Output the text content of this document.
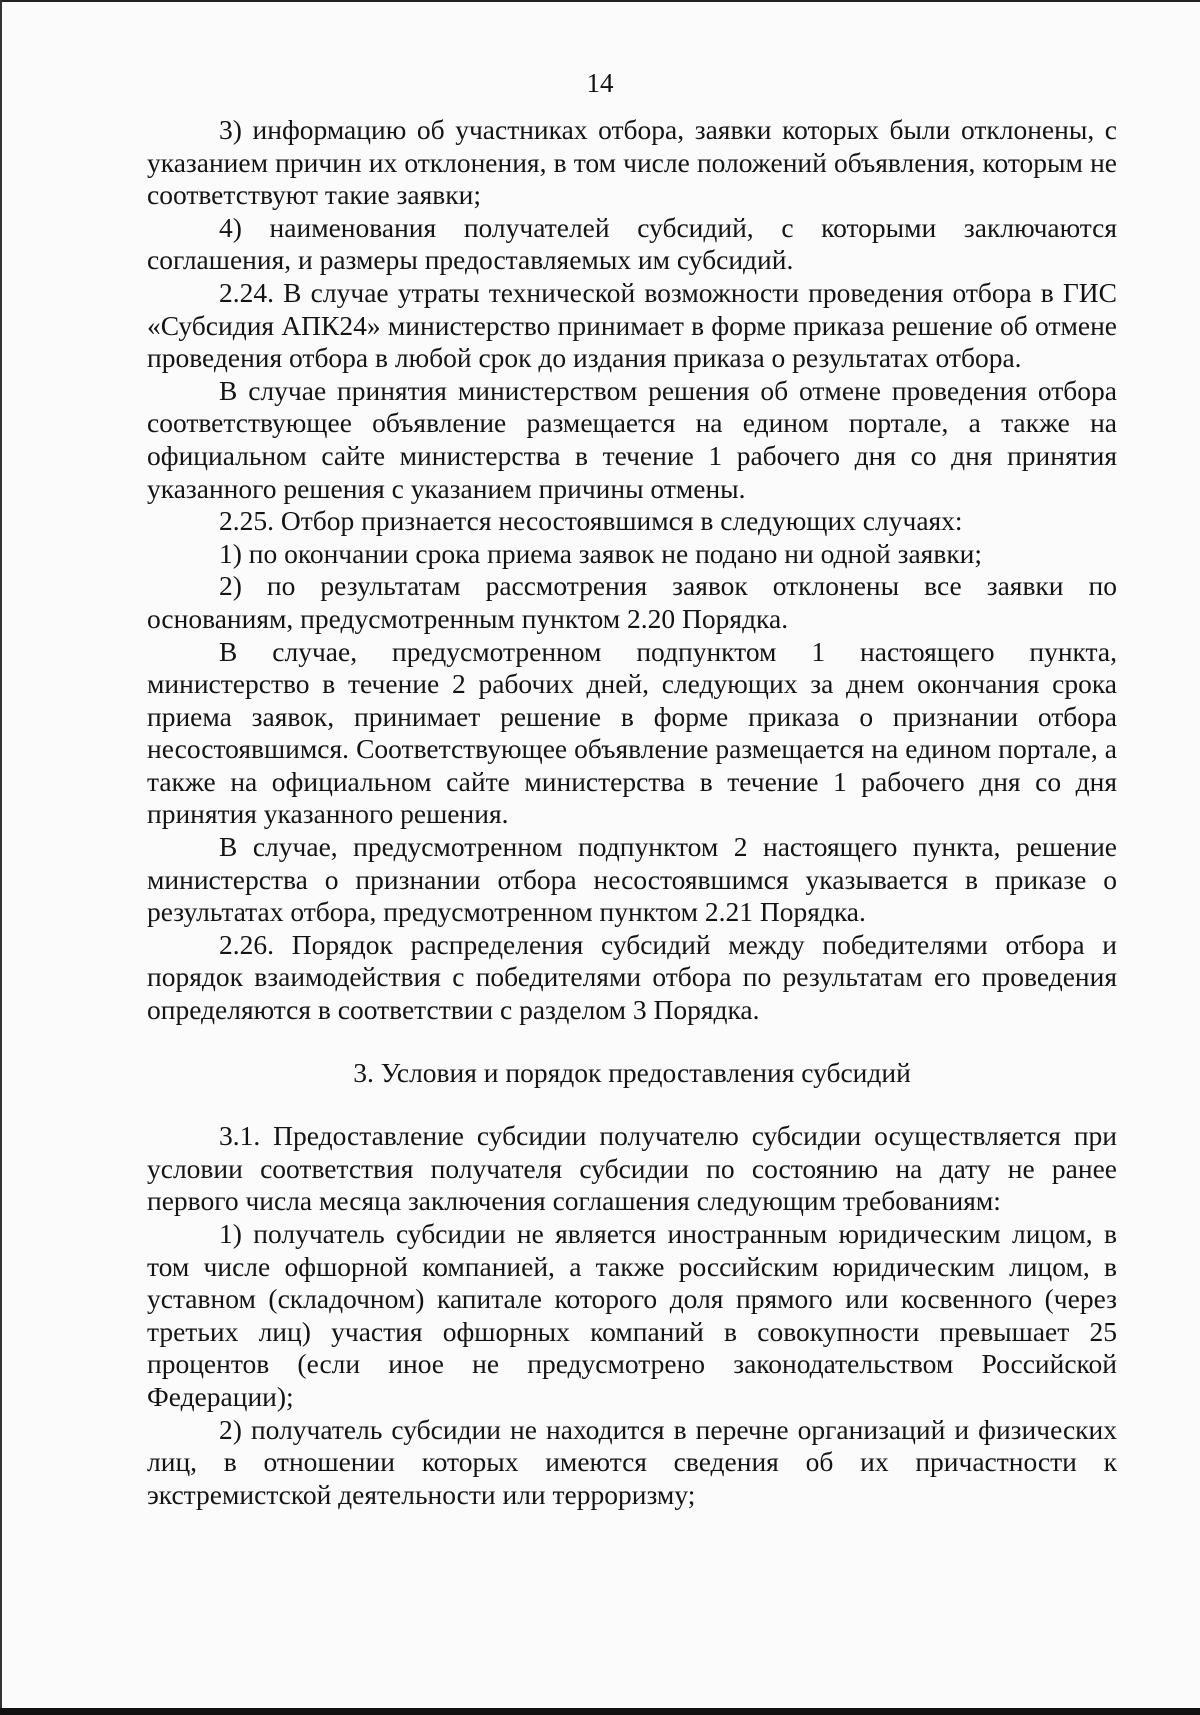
14

3) информацию об участниках отбора, заявки которых были отклонены, с указанием причин их отклонения, в том числе положений объявления, которым не соответствуют такие заявки;

4) наименования получателей субсидий, с которыми заключаются соглашения, и размеры предоставляемых им субсидий.

2.24. В случае утраты технической возможности проведения отбора в ГИС «Субсидия АПК24» министерство принимает в форме приказа решение об отмене проведения отбора в любой срок до издания приказа о результатах отбора.

В случае принятия министерством решения об отмене проведения отбора соответствующее объявление размещается на едином портале, а также на официальном сайте министерства в течение 1 рабочего дня со дня принятия указанного решения с указанием причины отмены.

2.25. Отбор признается несостоявшимся в следующих случаях:

1) по окончании срока приема заявок не подано ни одной заявки;

2) по результатам рассмотрения заявок отклонены все заявки по основаниям, предусмотренным пунктом 2.20 Порядка.

В случае, предусмотренном подпунктом 1 настоящего пункта, министерство в течение 2 рабочих дней, следующих за днем окончания срока приема заявок, принимает решение в форме приказа о признании отбора несостоявшимся. Соответствующее объявление размещается на едином портале, а также на официальном сайте министерства в течение 1 рабочего дня со дня принятия указанного решения.

В случае, предусмотренном подпунктом 2 настоящего пункта, решение министерства о признании отбора несостоявшимся указывается в приказе о результатах отбора, предусмотренном пунктом 2.21 Порядка.

2.26. Порядок распределения субсидий между победителями отбора и порядок взаимодействия с победителями отбора по результатам его проведения определяются в соответствии с разделом 3 Порядка.

3. Условия и порядок предоставления субсидий

3.1. Предоставление субсидии получателю субсидии осуществляется при условии соответствия получателя субсидии по состоянию на дату не ранее первого числа месяца заключения соглашения следующим требованиям:

1) получатель субсидии не является иностранным юридическим лицом, в том числе офшорной компанией, а также российским юридическим лицом, в уставном (складочном) капитале которого доля прямого или косвенного (через третьих лиц) участия офшорных компаний в совокупности превышает 25 процентов (если иное не предусмотрено законодательством Российской Федерации);

2) получатель субсидии не находится в перечне организаций и физических лиц, в отношении которых имеются сведения об их причастности к экстремистской деятельности или терроризму;
